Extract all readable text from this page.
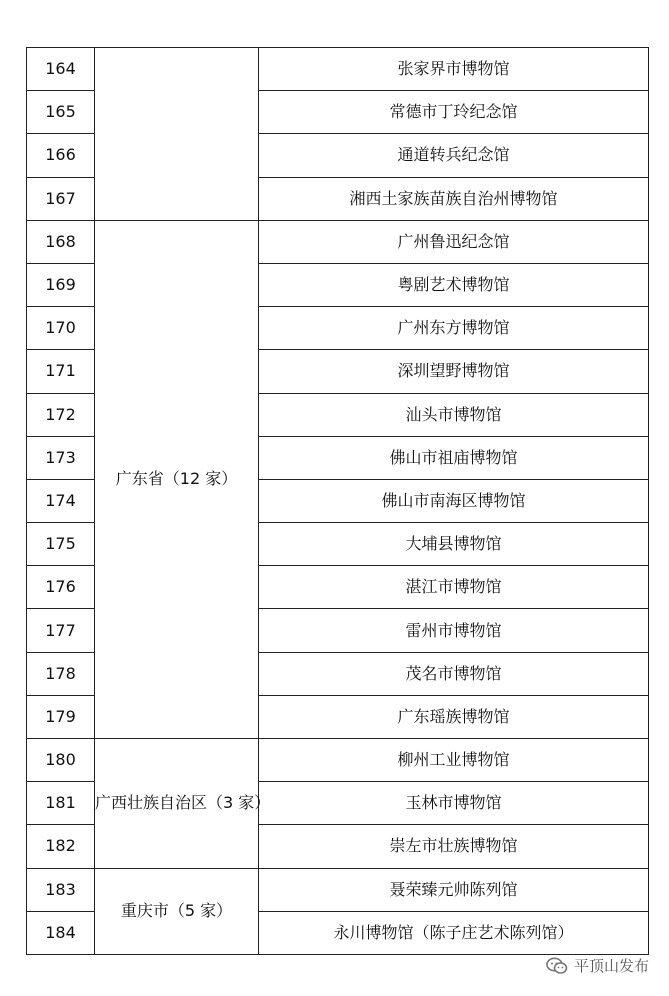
164		张家界市博物馆
165		常德市丁玲纪念馆
166		通道转兵纪念馆
167		湘西土家族苗族自治州博物馆
168	广东省（12 家）	广州鲁迅纪念馆
169		粤剧艺术博物馆
170		广州东方博物馆
171		深圳望野博物馆
172		汕头市博物馆
173		佛山市祖庙博物馆
174		佛山市南海区博物馆
175		大埔县博物馆
176		湛江市博物馆
177		雷州市博物馆
178		茂名市博物馆
179		广东瑶族博物馆
180	广西壮族自治区（3 家）	柳州工业博物馆
181		玉林市博物馆
182		崇左市壮族博物馆
183	重庆市（5 家）	聂荣臻元帅陈列馆
184		永川博物馆（陈子庄艺术陈列馆）
平顶山发布
